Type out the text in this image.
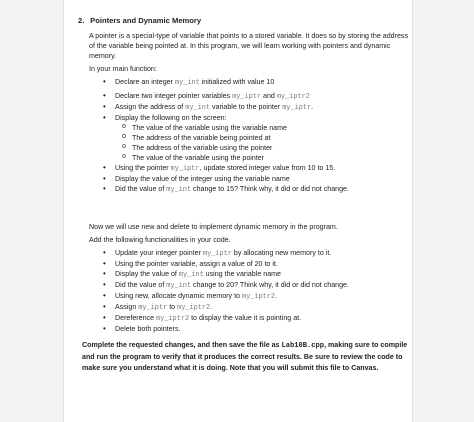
2. Pointers and Dynamic Memory
A pointer is a special-type of variable that points to a stored variable. It does so by storing the address of the variable being pointed at. In this program, we will learn working with pointers and dynamic memory.
In your main function:
• Declare an integer my_int initialized with value 10
• Declare two integer pointer variables my_iptr and my_iptr2
• Assign the address of my_int variable to the pointer my_iptr.
• Display the following on the screen:
o The value of the variable using the variable name
o The address of the variable being pointed at
o The address of the variable using the pointer
o The value of the variable using the pointer
• Using the pointer my_iptr, update stored integer value from 10 to 15.
• Display the value of the integer using the variable name
• Did the value of my_int change to 15? Think why, it did or did not change.
Now we will use new and delete to implement dynamic memory in the program.
Add the following functionalities in your code.
• Update your integer pointer my_iptr by allocating new memory to it.
• Using the pointer variable, assign a value of 20 to it.
• Display the value of my_int using the variable name
• Did the value of my_int change to 20? Think why, it did or did not change.
• Using new, allocate dynamic memory to my_iptr2.
• Assign my_iptr to my_iptr2.
• Dereference my_iptr2 to display the value it is pointing at.
• Delete both pointers.
Complete the requested changes, and then save the file as Lab10B.cpp, making sure to compile and run the program to verify that it produces the correct results. Be sure to review the code to make sure you understand what it is doing. Note that you will submit this file to Canvas.
